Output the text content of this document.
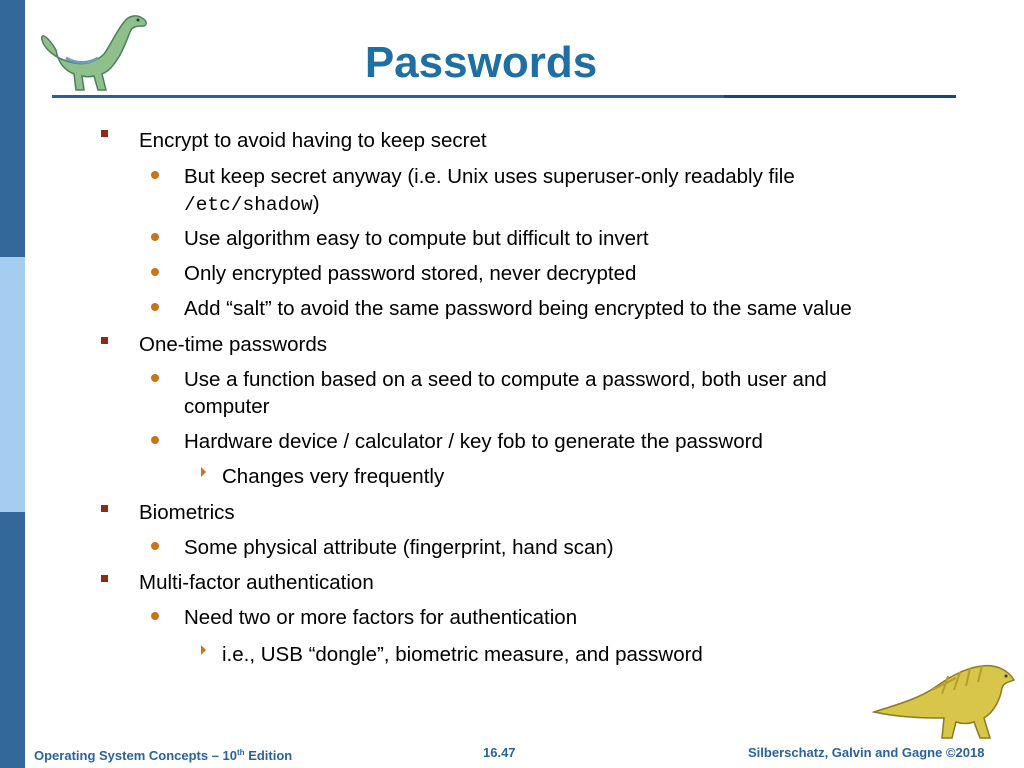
Passwords
Encrypt to avoid having to keep secret
But keep secret anyway (i.e. Unix uses superuser-only readably file
/etc/shadow)
Use algorithm easy to compute but difficult to invert
Only encrypted password stored, never decrypted
Add “salt” to avoid the same password being encrypted to the same value
One-time passwords
Use a function based on a seed to compute a password, both user and
computer
Hardware device / calculator / key fob to generate the password
Changes very frequently
Biometrics
Some physical attribute (fingerprint, hand scan)
Multi-factor authentication
Need two or more factors for authentication
i.e., USB “dongle”, biometric measure, and password
Operating System Concepts – 10th Edition	16.47	Silberschatz, Galvin and Gagne ©2018
